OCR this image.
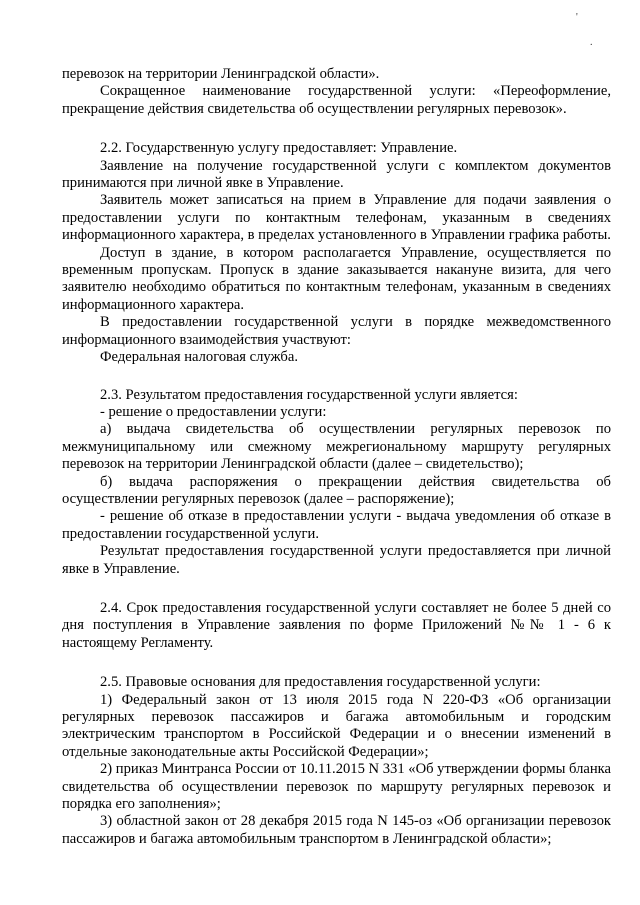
'
.

перевозок на территории Ленинградской области».

Сокращенное наименование государственной услуги: «Переоформление, прекращение действия свидетельства об осуществлении регулярных перевозок».

2.2. Государственную услугу предоставляет: Управление.

Заявление на получение государственной услуги с комплектом документов принимаются при личной явке в Управление.

Заявитель может записаться на прием в Управление для подачи заявления о предоставлении услуги по контактным телефонам, указанным в сведениях информационного характера, в пределах установленного в Управлении графика работы.

Доступ в здание, в котором располагается Управление, осуществляется по временным пропускам. Пропуск в здание заказывается накануне визита, для чего заявителю необходимо обратиться по контактным телефонам, указанным в сведениях информационного характера.

В предоставлении государственной услуги в порядке межведомственного информационного взаимодействия участвуют:

Федеральная налоговая служба.

2.3. Результатом предоставления государственной услуги является:

- решение о предоставлении услуги:

а) выдача свидетельства об осуществлении регулярных перевозок по межмуниципальному или смежному межрегиональному маршруту регулярных перевозок на территории Ленинградской области (далее – свидетельство);

б) выдача распоряжения о прекращении действия свидетельства об осуществлении регулярных перевозок (далее – распоряжение);

- решение об отказе в предоставлении услуги - выдача уведомления об отказе в предоставлении государственной услуги.

Результат предоставления государственной услуги предоставляется при личной явке в Управление.

2.4. Срок предоставления государственной услуги составляет не более 5 дней со дня поступления в Управление заявления по форме Приложений №№ 1 - 6 к настоящему Регламенту.

2.5. Правовые основания для предоставления государственной услуги:

1) Федеральный закон от 13 июля 2015 года N 220-ФЗ «Об организации регулярных перевозок пассажиров и багажа автомобильным и городским электрическим транспортом в Российской Федерации и о внесении изменений в отдельные законодательные акты Российской Федерации»;

2) приказ Минтранса России от 10.11.2015 N 331 «Об утверждении формы бланка свидетельства об осуществлении перевозок по маршруту регулярных перевозок и порядка его заполнения»;

3) областной закон от 28 декабря 2015 года N 145-оз «Об организации перевозок пассажиров и багажа автомобильным транспортом в Ленинградской области»;
